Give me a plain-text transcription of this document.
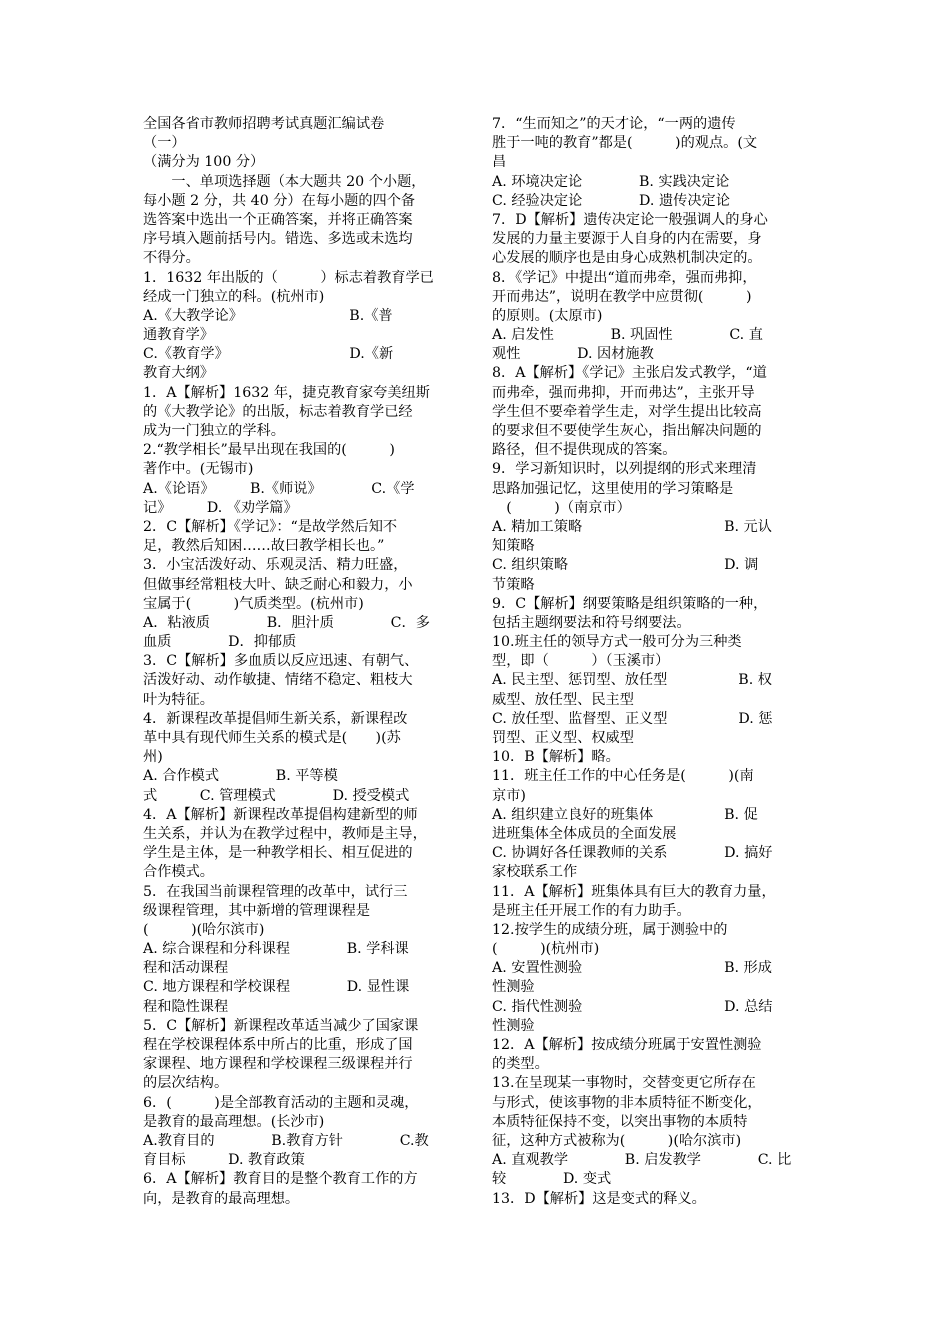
全国各省市教师招聘考试真题汇编试卷
（一）
（满分为 100 分）
　　一、单项选择题（本大题共 20 个小题，
每小题 2 分，共 40 分）在每小题的四个备
选答案中选出一个正确答案，并将正确答案
序号填入题前括号内。错选、多选或未选均
不得分。
1．1632 年出版的（　　　）标志着教育学已
经成一门独立的科。(杭州市)
A.《大教学论》　　　　　　　　B.《普
通教育学》
C.《教育学》　　　　　　　　　D.《新
教育大纲》
1．A【解析】1632 年，捷克教育家夸美纽斯
的《大教学论》的出版，标志着教育学已经
成为一门独立的学科。
2.“教学相长”最早出现在我国的(　　　)
著作中。(无锡市)
A.《论语》　　　B.《师说》　　　　C.《学
记》　　　D. 《劝学篇》
2．C【解析】《学记》：“是故学然后知不
足，教然后知困……故曰教学相长也。”
3．小宝活泼好动、乐观灵活、精力旺盛，
但做事经常粗枝大叶、缺乏耐心和毅力，小
宝属于(　　　)气质类型。(杭州市)
A．粘液质　　　　B．胆汁质　　　　C．多
血质　　　　D．抑郁质
3．C【解析】多血质以反应迅速、有朝气、
活泼好动、动作敏捷、情绪不稳定、粗枝大
叶为特征。
4．新课程改革提倡师生新关系，新课程改
革中具有现代师生关系的模式是(　　)(苏
州)
A. 合作模式　　　　B. 平等模
式　　　C. 管理模式　　　　D. 授受模式
4．A【解析】新课程改革提倡构建新型的师
生关系，并认为在教学过程中，教师是主导，
学生是主体，是一种教学相长、相互促进的
合作模式。
5．在我国当前课程管理的改革中，试行三
级课程管理，其中新增的管理课程是
(　　　)(哈尔滨市)
A. 综合课程和分科课程　　　　B. 学科课
程和活动课程
C. 地方课程和学校课程　　　　D. 显性课
程和隐性课程
5．C【解析】新课程改革适当减少了国家课
程在学校课程体系中所占的比重，形成了国
家课程、地方课程和学校课程三级课程并行
的层次结构。
6．(　　　)是全部教育活动的主题和灵魂，
是教育的最高理想。(长沙市)
A.教育目的　　　　B.教育方针　　　　C.教
育目标　　　D. 教育政策
6．A【解析】教育目的是整个教育工作的方
向，是教育的最高理想。
7．“生而知之”的天才论，“一两的遗传
胜于一吨的教育”都是(　　　)的观点。(文
昌
A. 环境决定论　　　　B. 实践决定论
C. 经验决定论　　　　D. 遗传决定论
7．D【解析】遗传决定论一般强调人的身心
发展的力量主要源于人自身的内在需要，身
心发展的顺序也是由身心成熟机制决定的。
8．《学记》中提出“道而弗牵，强而弗抑，
开而弗达”，说明在教学中应贯彻(　　　)
的原则。(太原市)
A. 启发性　　　　B. 巩固性　　　　C. 直
观性　　　　D. 因材施教
8．A【解析】《学记》主张启发式教学，“道
而弗牵，强而弗抑，开而弗达”，主张开导
学生但不要牵着学生走，对学生提出比较高
的要求但不要使学生灰心，指出解决问题的
路径，但不提供现成的答案。
9．学习新知识时，以列提纲的形式来理清
思路加强记忆，这里使用的学习策略是
　(　　　)（南京市）
A. 精加工策略　　　　　　　　　　B. 元认
知策略
C. 组织策略　　　　　　　　　　　D. 调
节策略
9．C【解析】纲要策略是组织策略的一种，
包括主题纲要法和符号纲要法。
10.班主任的领导方式一般可分为三种类
型，即（　　　）（玉溪市）
A. 民主型、惩罚型、放任型　　　　　B. 权
威型、放任型、民主型
C. 放任型、监督型、正义型　　　　　D. 惩
罚型、正义型、权威型
10．B【解析】略。
11．班主任工作的中心任务是(　　　)(南
京市)
A. 组织建立良好的班集体　　　　　B. 促
进班集体全体成员的全面发展
C. 协调好各任课教师的关系　　　　D. 搞好
家校联系工作
11．A【解析】班集体具有巨大的教育力量，
是班主任开展工作的有力助手。
12.按学生的成绩分班，属于测验中的
(　　　)(杭州市)
A. 安置性测验　　　　　　　　　　B. 形成
性测验
C. 指代性测验　　　　　　　　　　D. 总结
性测验
12．A【解析】按成绩分班属于安置性测验
的类型。
13.在呈现某一事物时，交替变更它所存在
与形式，使该事物的非本质特征不断变化，
本质特征保持不变，以突出事物的本质特
征，这种方式被称为(　　　)(哈尔滨市)
A. 直观教学　　　　B. 启发教学　　　　C. 比
较　　　　D. 变式
13．D【解析】这是变式的释义。
